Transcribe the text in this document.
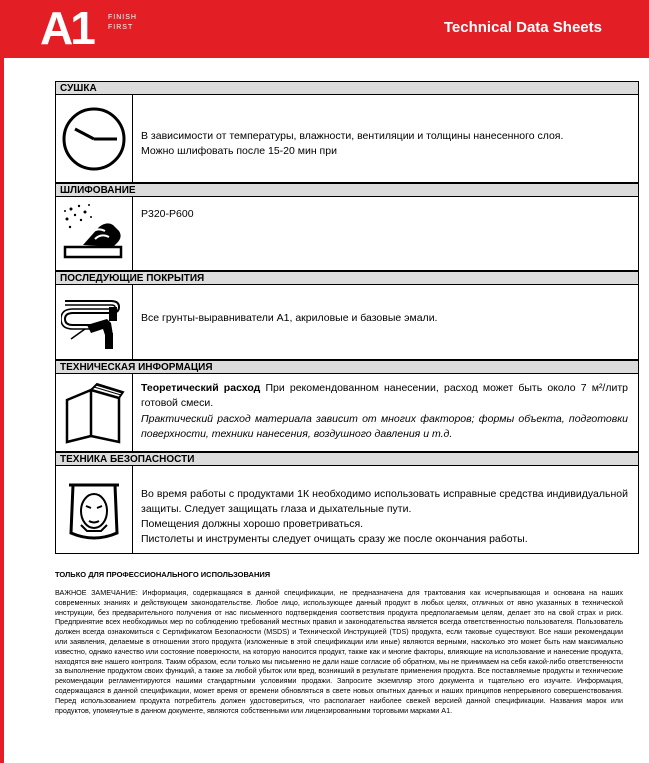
A1 FINISH
FIRST	Technical Data Sheets
СУШКА
В зависимости от температуры, влажности, вентиляции и толщины нанесенного слоя.
Можно шлифовать после 15-20 мин при
ШЛИФОВАНИЕ
P320-P600
ПОСЛЕДУЮЩИЕ ПОКРЫТИЯ
Все грунты-выравниватели А1, акриловые и базовые эмали.
ТЕХНИЧЕСКАЯ ИНФОРМАЦИЯ
Теоретический расход При рекомендованном нанесении, расход может быть около 7 м²/литр готовой смеси.
Практический расход материала зависит от многих факторов; формы объекта, подготовки поверхности, техники нанесения, воздушного давления и т.д.
ТЕХНИКА БЕЗОПАСНОСТИ
Во время работы с продуктами 1К необходимо использовать исправные средства индивидуальной защиты. Следует защищать глаза и дыхательные пути.
Помещения должны хорошо проветриваться.
Пистолеты и инструменты следует очищать сразу же после окончания работы.
ТОЛЬКО ДЛЯ ПРОФЕССИОНАЛЬНОГО ИСПОЛЬЗОВАНИЯ
ВАЖНОЕ ЗАМЕЧАНИЕ: Информация, содержащаяся в данной спецификации, не предназначена для трактования как исчерпывающая и основана на наших современных знаниях и действующем законодательстве. Любое лицо, использующее данный продукт в любых целях, отличных от явно указанных в технической инструкции, без предварительного получения от нас письменного подтверждения соответствия продукта предполагаемым целям, делает это на свой страх и риск. Предпринятие всех необходимых мер по соблюдению требований местных правил и законодательства является всегда ответственностью пользователя. Пользователь должен всегда ознакомиться с Сертификатом Безопасности (MSDS) и Технической Инструкцией (TDS) продукта, если таковые существуют. Все наши рекомендации или заявления, делаемые в отношении этого продукта (изложенные в этой спецификации или иные) являются верными, насколько это может быть нам максимально известно, однако качество или состояние поверхности, на которую наносится продукт, также как и многие факторы, влияющие на использование и нанесение продукта, находятся вне нашего контроля. Таким образом, если только мы письменно не дали наше согласие об обратном, мы не принимаем на себя какой-либо ответственности за выполнение продуктом своих функций, а также за любой убыток или вред, возникший в результате применения продукта. Все поставляемые продукты и технические рекомендации регламентируются нашими стандартными условиями продажи. Запросите экземпляр этого документа и тщательно его изучите. Информация, содержащаяся в данной спецификации, может время от времени обновляться в свете новых опытных данных и наших принципов непрерывного совершенствования. Перед использованием продукта потребитель должен удостовериться, что располагает наиболее свежей версией данной спецификации. Названия марок или продуктов, упомянутые в данном документе, являются собственными или лицензированными торговыми марками А1.
